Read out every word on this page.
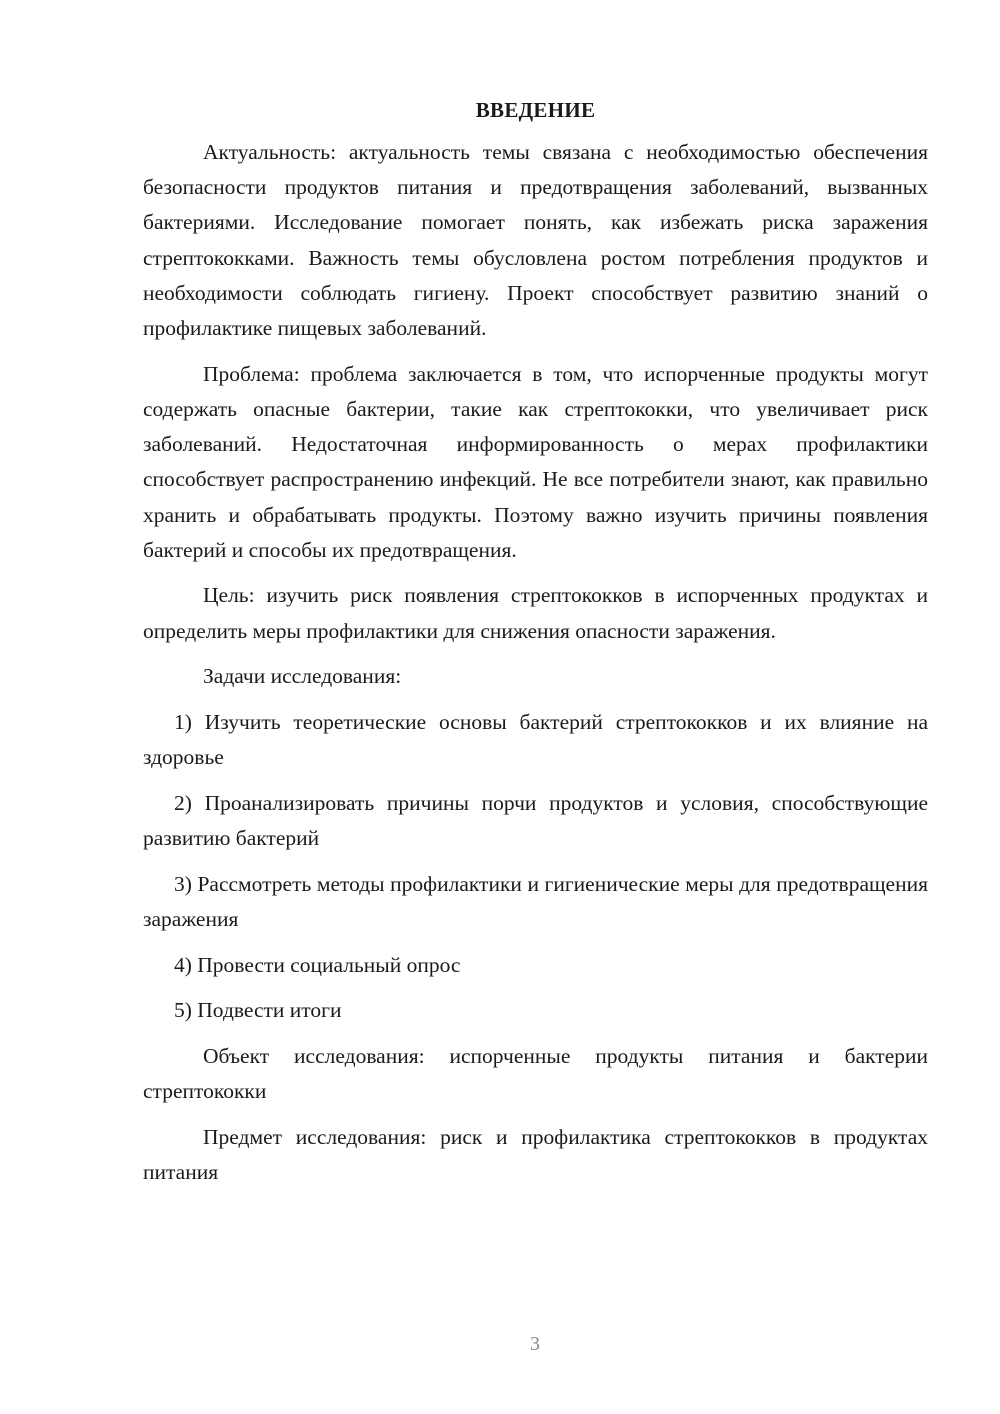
ВВЕДЕНИЕ

Актуальность: актуальность темы связана с необходимостью обеспечения безопасности продуктов питания и предотвращения заболеваний, вызванных бактериями. Исследование помогает понять, как избежать риска заражения стрептококками. Важность темы обусловлена ростом потребления продуктов и необходимости соблюдать гигиену. Проект способствует развитию знаний о профилактике пищевых заболеваний.

Проблема: проблема заключается в том, что испорченные продукты могут содержать опасные бактерии, такие как стрептококки, что увеличивает риск заболеваний. Недостаточная информированность о мерах профилактики способствует распространению инфекций. Не все потребители знают, как правильно хранить и обрабатывать продукты. Поэтому важно изучить причины появления бактерий и способы их предотвращения.

Цель: изучить риск появления стрептококков в испорченных продуктах и определить меры профилактики для снижения опасности заражения.

Задачи исследования:

1) Изучить теоретические основы бактерий стрептококков и их влияние на здоровье

2) Проанализировать причины порчи продуктов и условия, способствующие развитию бактерий

3) Рассмотреть методы профилактики и гигиенические меры для предотвращения заражения

4) Провести социальный опрос

5) Подвести итоги

Объект исследования: испорченные продукты питания и бактерии стрептококки

Предмет исследования: риск и профилактика стрептококков в продуктах питания

3
